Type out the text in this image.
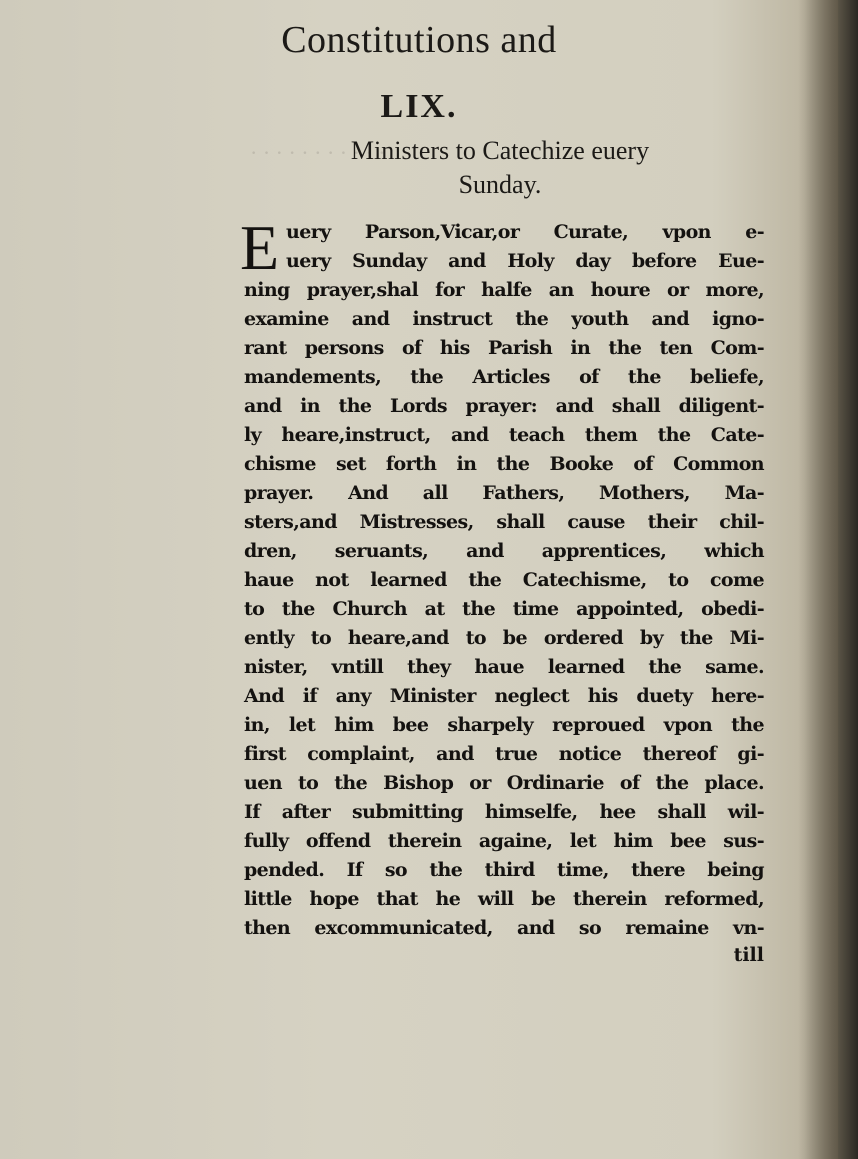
· · · · · · · · · · ·
Constitutions and
LIX.
Ministers to Catechize euery
Sunday.
E uery Parson,Vicar,or Curate, vpon e-
uery Sunday and Holy day before Eue-
ning prayer,shal for halfe an houre or more,
examine and instruct the youth and igno-
rant persons of his Parish in the ten Com-
mandements, the Articles of the beliefe,
and in the Lords prayer: and shall diligent-
ly heare,instruct, and teach them the Cate-
chisme set forth in the Booke of Common
prayer. And all Fathers, Mothers, Ma-
sters,and Mistresses, shall cause their chil-
dren, seruants, and apprentices, which
haue not learned the Catechisme, to come
to the Church at the time appointed, obedi-
ently to heare,and to be ordered by the Mi-
nister, vntill they haue learned the same.
And if any Minister neglect his duety here-
in, let him bee sharpely reproued vpon the
first complaint, and true notice thereof gi-
uen to the Bishop or Ordinarie of the place.
If after submitting himselfe, hee shall wil-
fully offend therein againe, let him bee sus-
pended. If so the third time, there being
little hope that he will be therein reformed,
then excommunicated, and so remaine vn-
till
